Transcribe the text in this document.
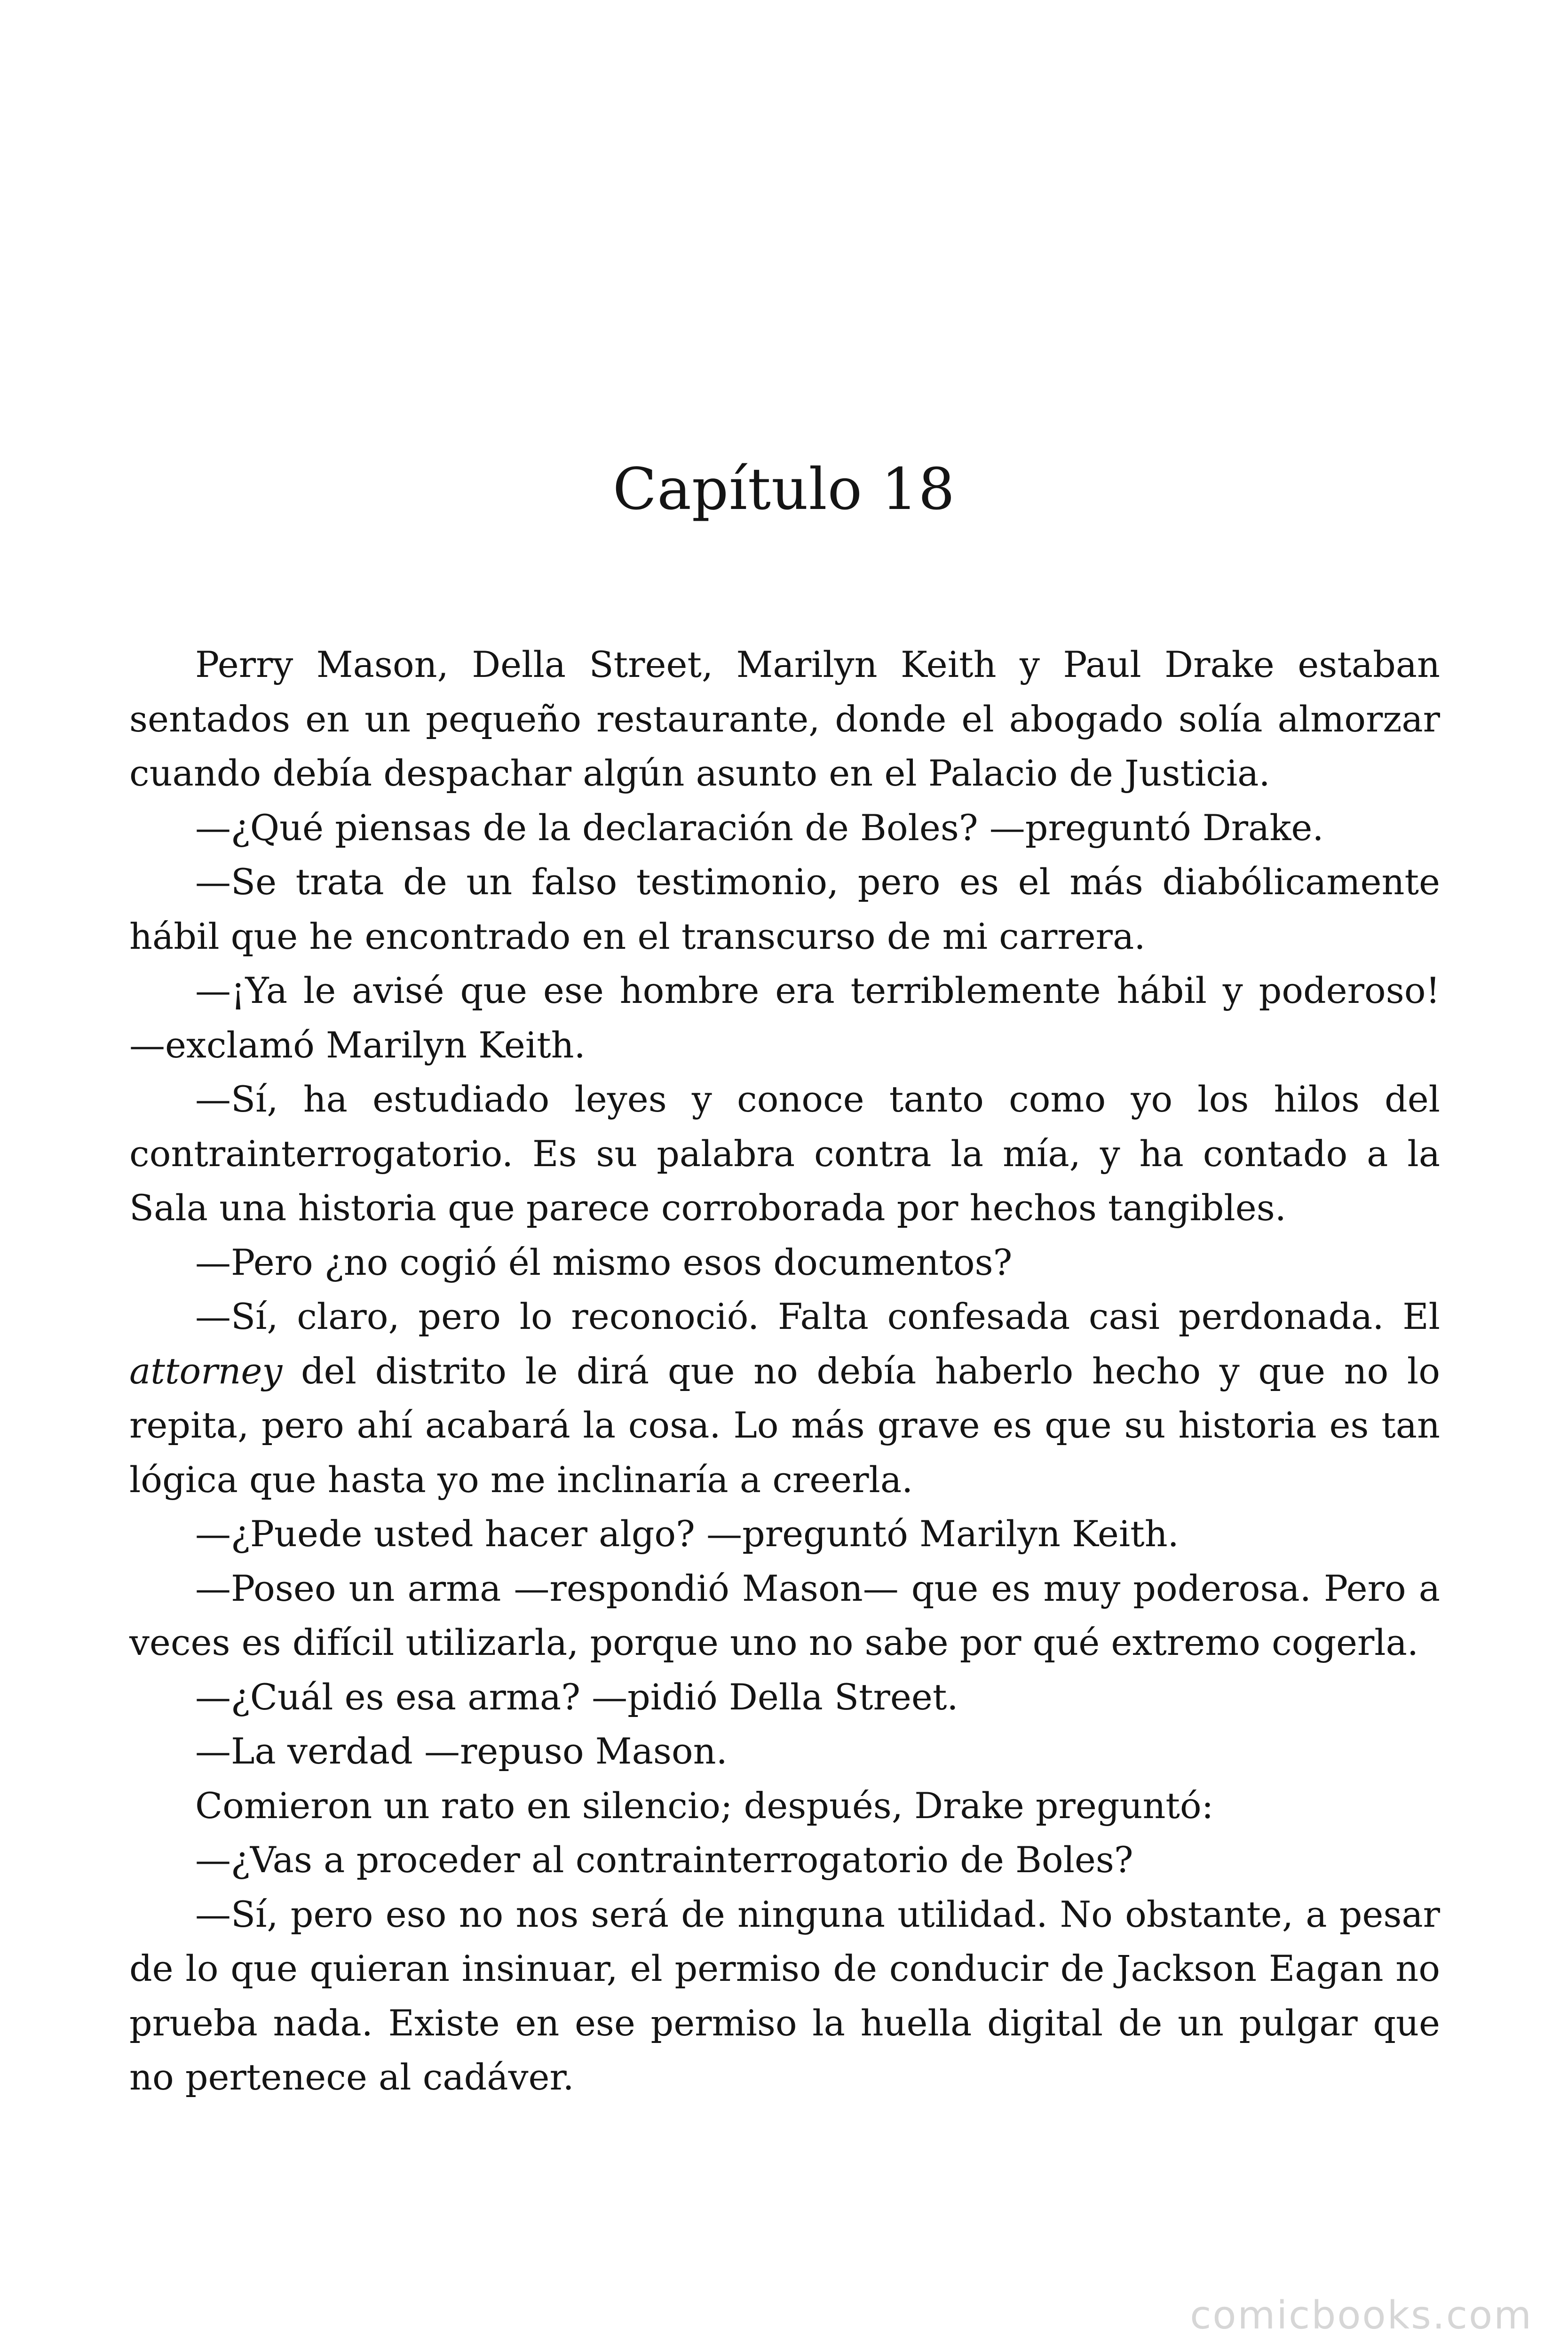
Capítulo 18

Perry Mason, Della Street, Marilyn Keith y Paul Drake estaban sentados en un pequeño restaurante, donde el abogado solía almorzar cuando debía despachar algún asunto en el Palacio de Justicia.

—¿Qué piensas de la declaración de Boles? —preguntó Drake.

—Se trata de un falso testimonio, pero es el más diabólicamente hábil que he encontrado en el transcurso de mi carrera.

—¡Ya le avisé que ese hombre era terriblemente hábil y poderoso! —exclamó Marilyn Keith.

—Sí, ha estudiado leyes y conoce tanto como yo los hilos del contrainterrogatorio. Es su palabra contra la mía, y ha contado a la Sala una historia que parece corroborada por hechos tangibles.

—Pero ¿no cogió él mismo esos documentos?

—Sí, claro, pero lo reconoció. Falta confesada casi perdonada. El attorney del distrito le dirá que no debía haberlo hecho y que no lo repita, pero ahí acabará la cosa. Lo más grave es que su historia es tan lógica que hasta yo me inclinaría a creerla.

—¿Puede usted hacer algo? —preguntó Marilyn Keith.

—Poseo un arma —respondió Mason— que es muy poderosa. Pero a veces es difícil utilizarla, porque uno no sabe por qué extremo cogerla.

—¿Cuál es esa arma? —pidió Della Street.

—La verdad —repuso Mason.

Comieron un rato en silencio; después, Drake preguntó:

—¿Vas a proceder al contrainterrogatorio de Boles?

—Sí, pero eso no nos será de ninguna utilidad. No obstante, a pesar de lo que quieran insinuar, el permiso de conducir de Jackson Eagan no prueba nada. Existe en ese permiso la huella digital de un pulgar que no pertenece al cadáver.

comicbooks.com
